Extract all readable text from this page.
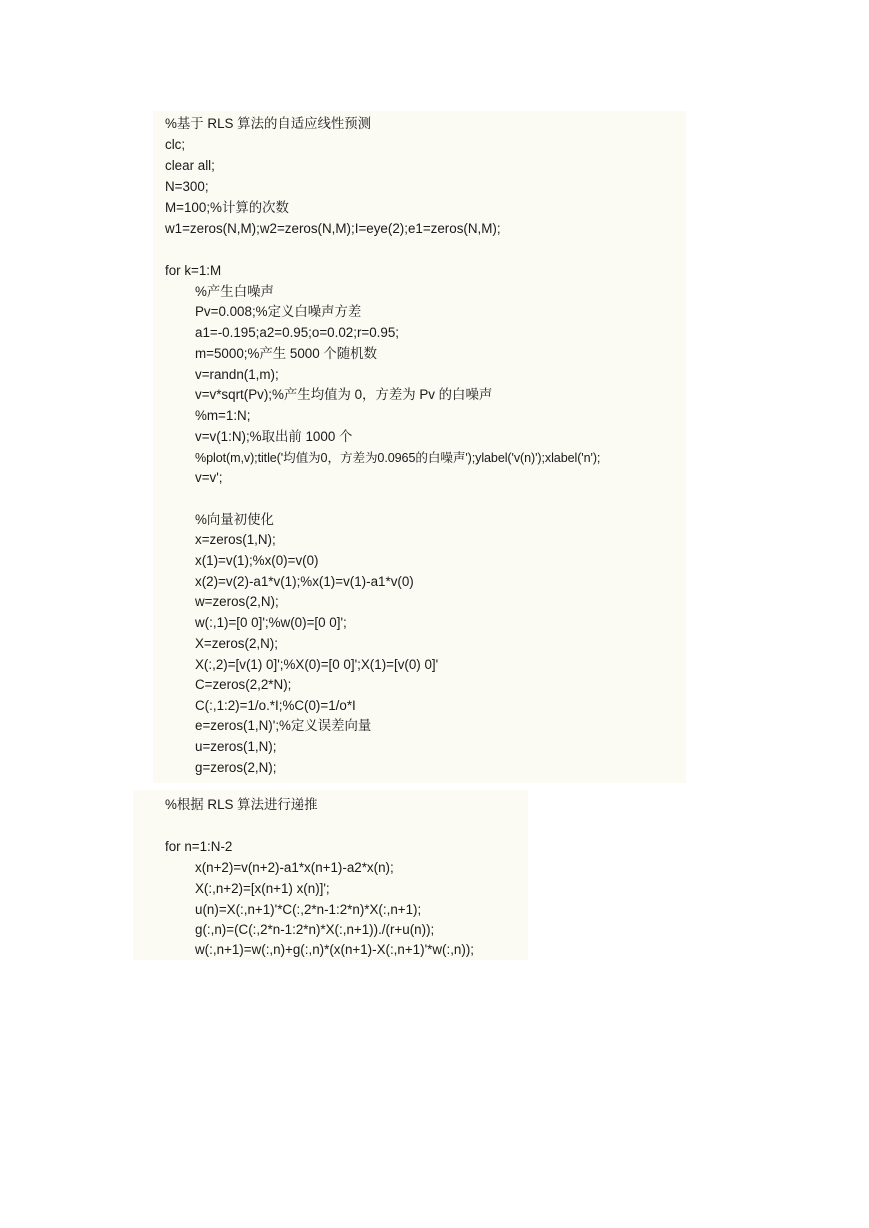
%基于 RLS 算法的自适应线性预测
clc;
clear all;
N=300;
M=100;%计算的次数
w1=zeros(N,M);w2=zeros(N,M);I=eye(2);e1=zeros(N,M);
for k=1:M
%产生白噪声
Pv=0.008;%定义白噪声方差
a1=-0.195;a2=0.95;o=0.02;r=0.95;
m=5000;%产生 5000 个随机数
v=randn(1,m);
v=v*sqrt(Pv);%产生均值为 0，方差为 Pv 的白噪声
%m=1:N;
v=v(1:N);%取出前 1000 个
%plot(m,v);title('均值为0，方差为0.0965的白噪声');ylabel('v(n)');xlabel('n');
v=v';
%向量初使化
x=zeros(1,N);
x(1)=v(1);%x(0)=v(0)
x(2)=v(2)-a1*v(1);%x(1)=v(1)-a1*v(0)
w=zeros(2,N);
w(:,1)=[0 0]';%w(0)=[0 0]';
X=zeros(2,N);
X(:,2)=[v(1) 0]';%X(0)=[0 0]';X(1)=[v(0) 0]'
C=zeros(2,2*N);
C(:,1:2)=1/o.*I;%C(0)=1/o*I
e=zeros(1,N)';%定义误差向量
u=zeros(1,N);
g=zeros(2,N);
%根据 RLS 算法进行递推
for n=1:N-2
x(n+2)=v(n+2)-a1*x(n+1)-a2*x(n);
X(:,n+2)=[x(n+1) x(n)]';
u(n)=X(:,n+1)'*C(:,2*n-1:2*n)*X(:,n+1);
g(:,n)=(C(:,2*n-1:2*n)*X(:,n+1))./(r+u(n));
w(:,n+1)=w(:,n)+g(:,n)*(x(n+1)-X(:,n+1)'*w(:,n));
